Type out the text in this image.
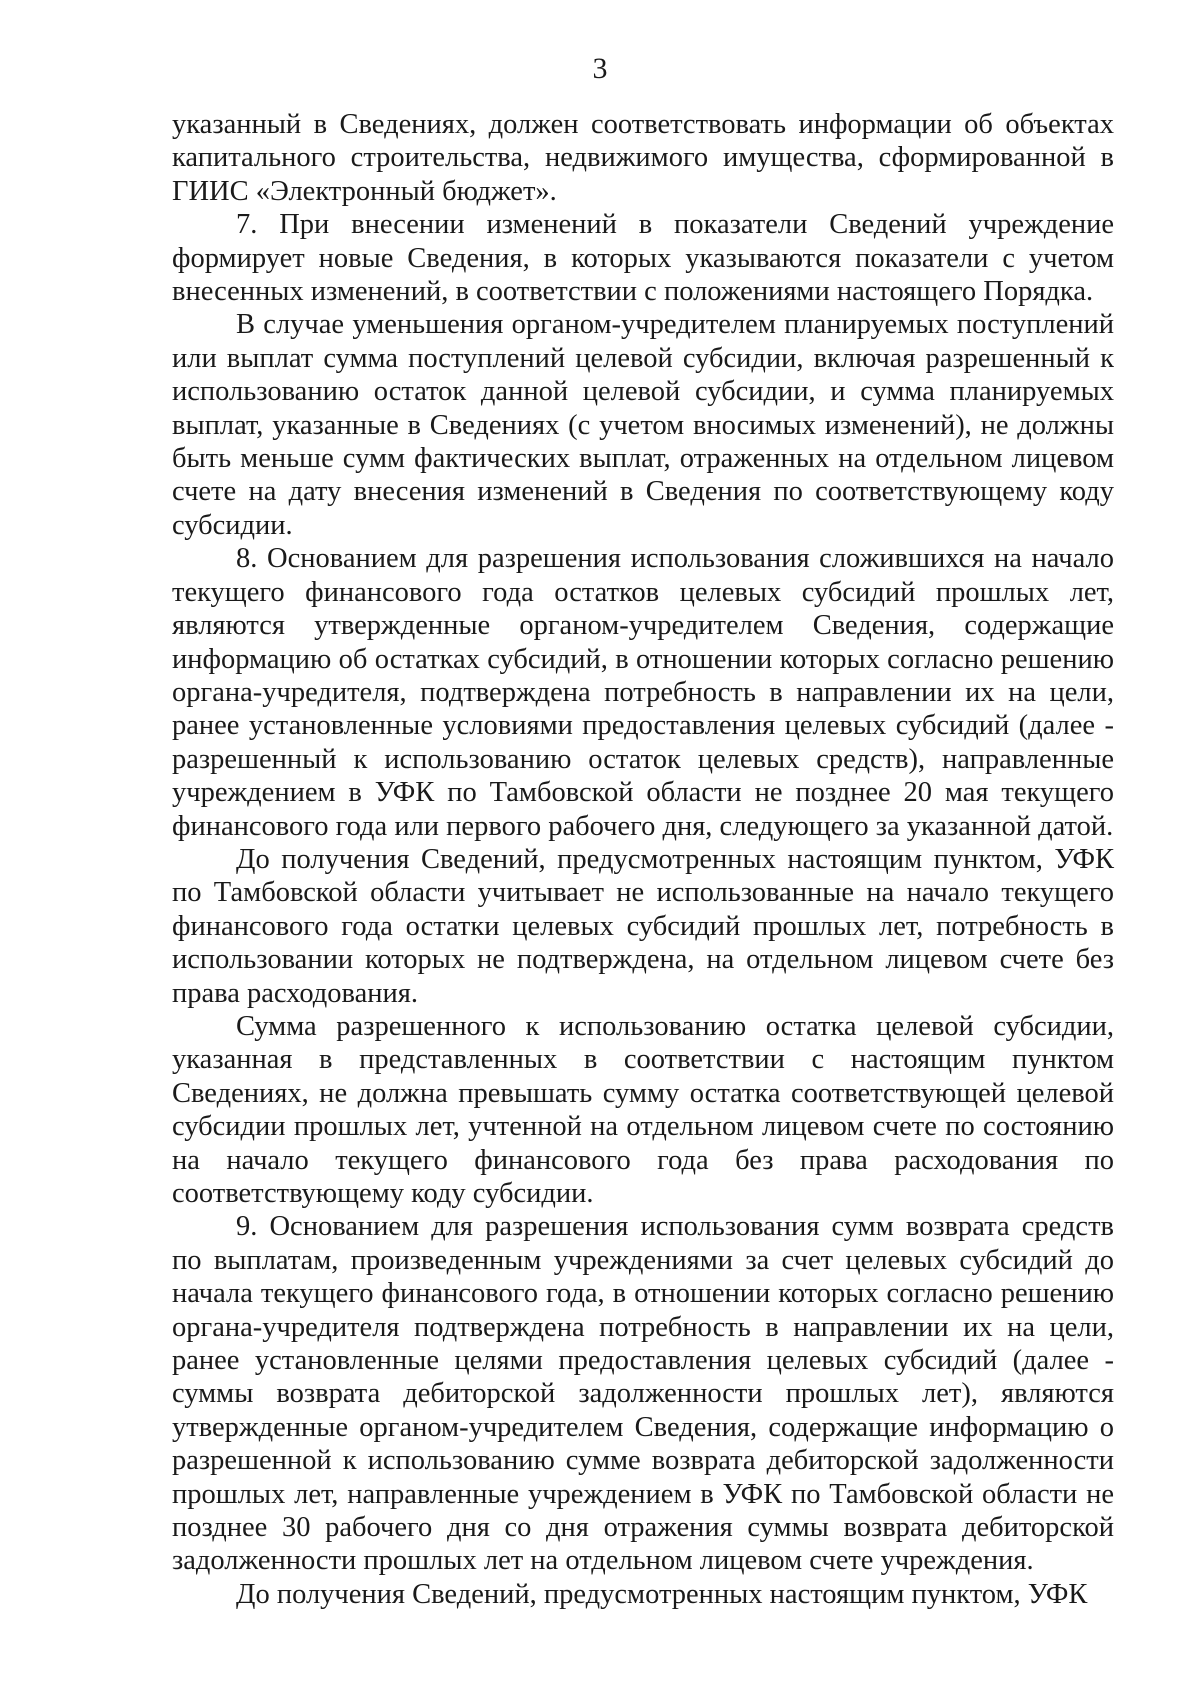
3

указанный в Сведениях, должен соответствовать информации об объектах капитального строительства, недвижимого имущества, сформированной в ГИИС «Электронный бюджет».

7. При внесении изменений в показатели Сведений учреждение формирует новые Сведения, в которых указываются показатели с учетом внесенных изменений, в соответствии с положениями настоящего Порядка.

В случае уменьшения органом-учредителем планируемых поступлений или выплат сумма поступлений целевой субсидии, включая разрешенный к использованию остаток данной целевой субсидии, и сумма планируемых выплат, указанные в Сведениях (с учетом вносимых изменений), не должны быть меньше сумм фактических выплат, отраженных на отдельном лицевом счете на дату внесения изменений в Сведения по соответствующему коду субсидии.

8. Основанием для разрешения использования сложившихся на начало текущего финансового года остатков целевых субсидий прошлых лет, являются утвержденные органом-учредителем Сведения, содержащие информацию об остатках субсидий, в отношении которых согласно решению органа-учредителя, подтверждена потребность в направлении их на цели, ранее установленные условиями предоставления целевых субсидий (далее - разрешенный к использованию остаток целевых средств), направленные учреждением в УФК по Тамбовской области не позднее 20 мая текущего финансового года или первого рабочего дня, следующего за указанной датой.

До получения Сведений, предусмотренных настоящим пунктом, УФК по Тамбовской области учитывает не использованные на начало текущего финансового года остатки целевых субсидий прошлых лет, потребность в использовании которых не подтверждена, на отдельном лицевом счете без права расходования.

Сумма разрешенного к использованию остатка целевой субсидии, указанная в представленных в соответствии с настоящим пунктом Сведениях, не должна превышать сумму остатка соответствующей целевой субсидии прошлых лет, учтенной на отдельном лицевом счете по состоянию на начало текущего финансового года без права расходования по соответствующему коду субсидии.

9. Основанием для разрешения использования сумм возврата средств по выплатам, произведенным учреждениями за счет целевых субсидий до начала текущего финансового года, в отношении которых согласно решению органа-учредителя подтверждена потребность в направлении их на цели, ранее установленные целями предоставления целевых субсидий (далее - суммы возврата дебиторской задолженности прошлых лет), являются утвержденные органом-учредителем Сведения, содержащие информацию о разрешенной к использованию сумме возврата дебиторской задолженности прошлых лет, направленные учреждением в УФК по Тамбовской области не позднее 30 рабочего дня со дня отражения суммы возврата дебиторской задолженности прошлых лет на отдельном лицевом счете учреждения.

До получения Сведений, предусмотренных настоящим пунктом, УФК
